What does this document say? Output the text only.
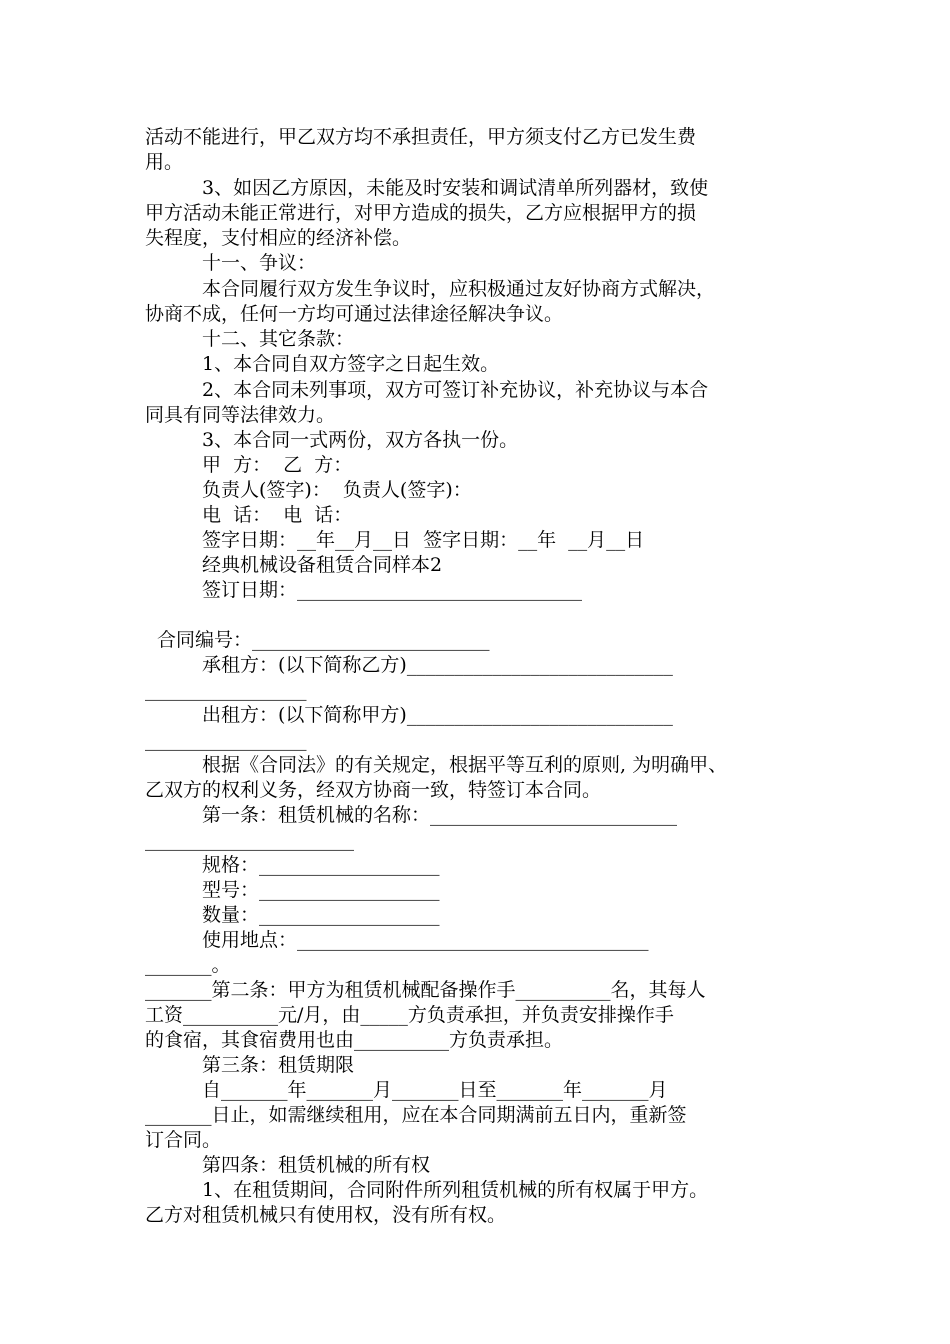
活动不能进行，甲乙双方均不承担责任，甲方须支付乙方已发生费
用。
3、如因乙方原因，未能及时安装和调试清单所列器材，致使
甲方活动未能正常进行，对甲方造成的损失，乙方应根据甲方的损
失程度，支付相应的经济补偿。
十一、争议：
本合同履行双方发生争议时，应积极通过友好协商方式解决，
协商不成，任何一方均可通过法律途径解决争议。
十二、其它条款：
1、本合同自双方签字之日起生效。
2、本合同未列事项，双方可签订补充协议，补充协议与本合
同具有同等法律效力。
3、本合同一式两份，双方各执一份。
甲  方：  乙  方：
负责人(签字)：  负责人(签字)：
电  话：  电  话：
签字日期：__年__月__日  签字日期：__年  __月__日
经典机械设备租赁合同样本2
签订日期：______________________________
合同编号：_________________________
承租方：(以下简称乙方)____________________________
_________________
出租方：(以下简称甲方)____________________________
_________________
根据《合同法》的有关规定，根据平等互利的原则, 为明确甲、
乙双方的权利义务，经双方协商一致，特签订本合同。
第一条：租赁机械的名称：__________________________
______________________
规格：___________________
型号：___________________
数量：___________________
使用地点：_____________________________________
_______。
_______第二条：甲方为租赁机械配备操作手__________名，其每人
工资__________元/月，由_____方负责承担，并负责安排操作手
的食宿，其食宿费用也由__________方负责承担。
第三条：租赁期限
自_______年_______月_______日至_______年_______月
_______日止，如需继续租用，应在本合同期满前五日内，重新签
订合同。
第四条：租赁机械的所有权
1、在租赁期间，合同附件所列租赁机械的所有权属于甲方。
乙方对租赁机械只有使用权，没有所有权。
